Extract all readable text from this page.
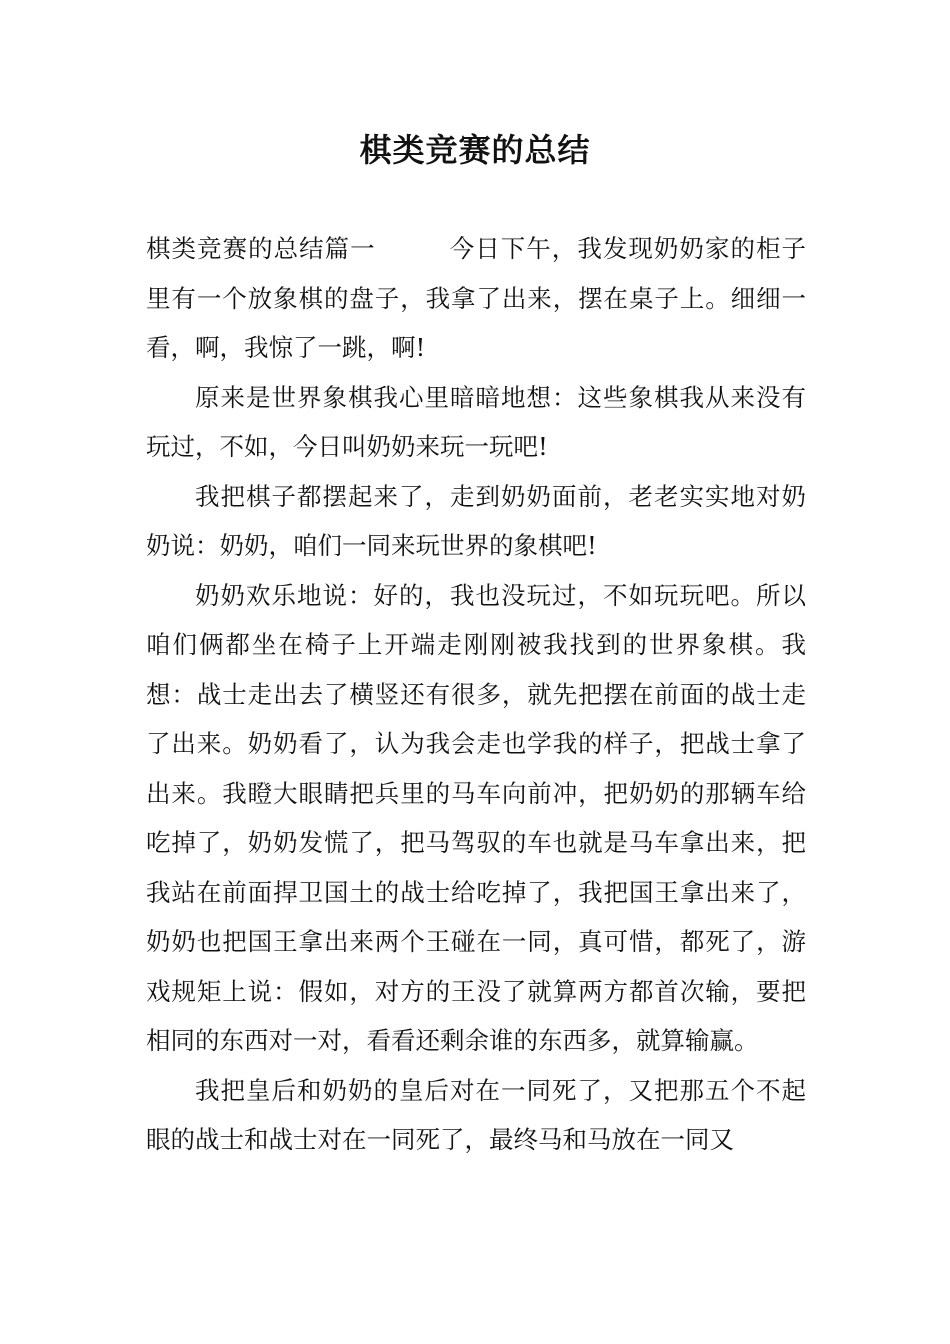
棋类竞赛的总结

棋类竞赛的总结篇一	今日下午，我发现奶奶家的柜子里有一个放象棋的盘子，我拿了出来，摆在桌子上。细细一看，啊，我惊了一跳，啊!

原来是世界象棋我心里暗暗地想：这些象棋我从来没有玩过，不如，今日叫奶奶来玩一玩吧!

我把棋子都摆起来了，走到奶奶面前，老老实实地对奶奶说：奶奶，咱们一同来玩世界的象棋吧!

奶奶欢乐地说：好的，我也没玩过，不如玩玩吧。所以咱们俩都坐在椅子上开端走刚刚被我找到的世界象棋。我想：战士走出去了横竖还有很多，就先把摆在前面的战士走了出来。奶奶看了，认为我会走也学我的样子，把战士拿了出来。我瞪大眼睛把兵里的马车向前冲，把奶奶的那辆车给吃掉了，奶奶发慌了，把马驾驭的车也就是马车拿出来，把我站在前面捍卫国土的战士给吃掉了，我把国王拿出来了，奶奶也把国王拿出来两个王碰在一同，真可惜，都死了，游戏规矩上说：假如，对方的王没了就算两方都首次输，要把相同的东西对一对，看看还剩余谁的东西多，就算输赢。

我把皇后和奶奶的皇后对在一同死了，又把那五个不起眼的战士和战士对在一同死了，最终马和马放在一同又
